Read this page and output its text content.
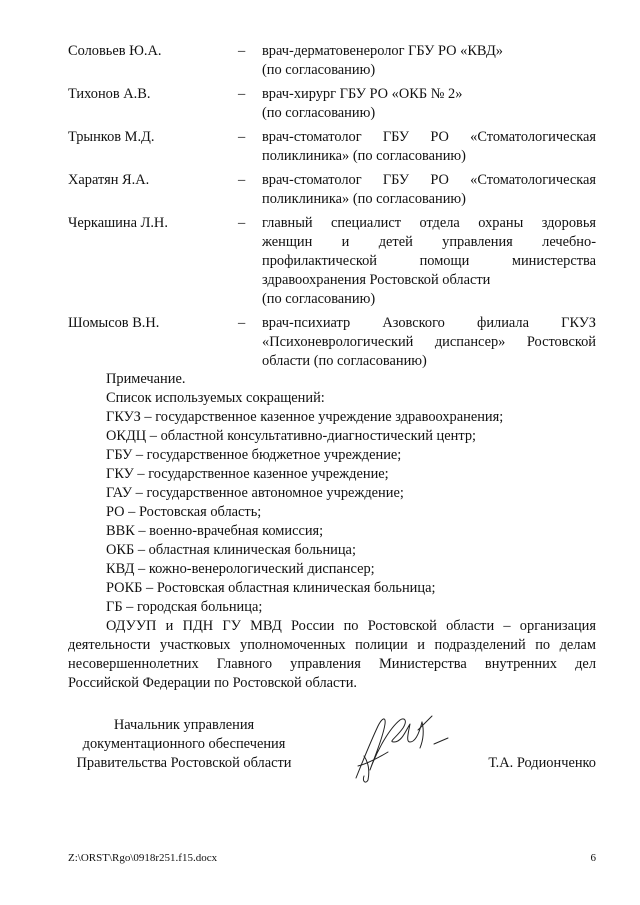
Соловьев Ю.А.	– врач-дерматовенеролог ГБУ РО «КВД»
(по согласованию)
Тихонов А.В.	– врач-хирург ГБУ РО «ОКБ № 2»
(по согласованию)
Трынков М.Д.	– врач-стоматолог ГБУ РО «Стоматологическая
поликлиника» (по согласованию)
Харатян Я.А.	– врач-стоматолог ГБУ РО «Стоматологическая
поликлиника» (по согласованию)
Черкашина Л.Н.	– главный специалист отдела охраны здоровья
женщин и детей управления лечебно-
профилактической помощи министерства
здравоохранения Ростовской области
(по согласованию)
Шомысов В.Н.	– врач-психиатр Азовского филиала ГКУЗ
«Психоневрологический диспансер» Ростовской
области (по согласованию)
Примечание.
Список используемых сокращений:
ГКУЗ – государственное казенное учреждение здравоохранения;
ОКДЦ – областной консультативно-диагностический центр;
ГБУ – государственное бюджетное учреждение;
ГКУ – государственное казенное учреждение;
ГАУ – государственное автономное учреждение;
РО – Ростовская область;
ВВК – военно-врачебная комиссия;
ОКБ – областная клиническая больница;
КВД – кожно-венерологический диспансер;
РОКБ – Ростовская областная клиническая больница;
ГБ – городская больница;
ОДУУП и ПДН ГУ МВД России по Ростовской области – организация деятельности участковых уполномоченных полиции и подразделений по делам несовершеннолетних Главного управления Министерства внутренних дел Российской Федерации по Ростовской области.
Начальник управления
документационного обеспечения
Правительства Ростовской области	Т.А. Родионченко
Z:\ORST\Rgo\0918r251.f15.docx	6
